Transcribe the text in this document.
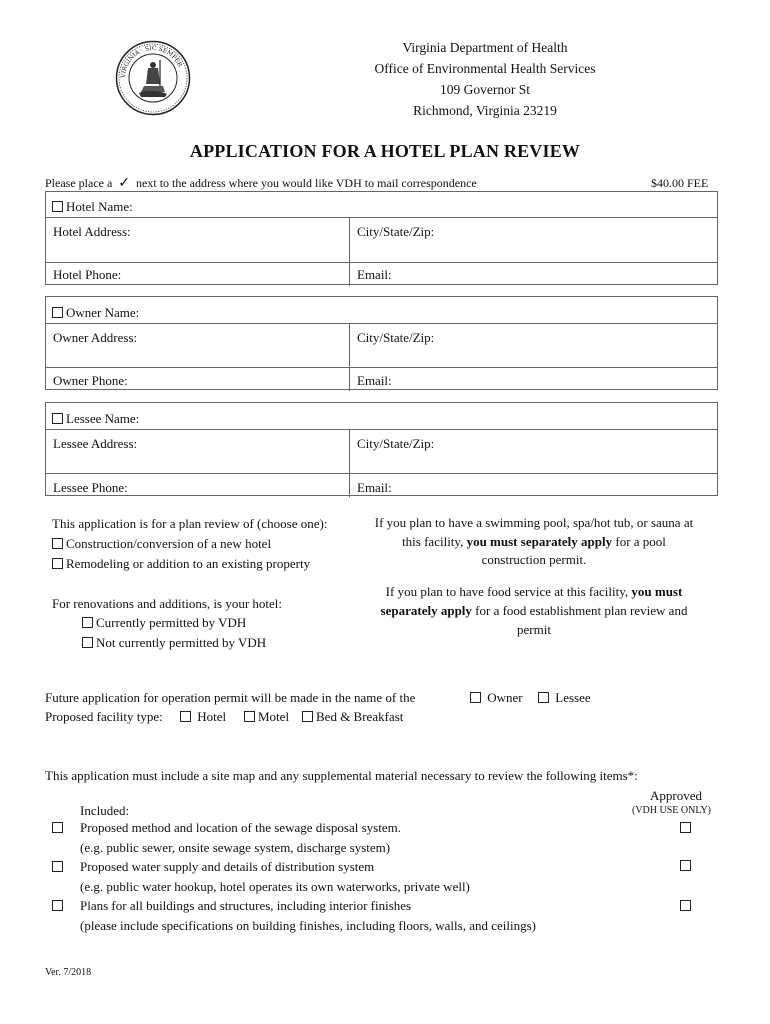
VIRGINIA · SIC SEMPER
Virginia Department of Health
Office of Environmental Health Services
109 Governor St
Richmond, Virginia 23219
APPLICATION FOR A HOTEL PLAN REVIEW
Please place a ✓ next to the address where you would like VDH to mail correspondence	$40.00 FEE
Hotel Name:
Hotel Address:	City/State/Zip:
Hotel Phone:	Email:
Owner Name:
Owner Address:	City/State/Zip:
Owner Phone:	Email:
Lessee Name:
Lessee Address:	City/State/Zip:
Lessee Phone:	Email:
This application is for a plan review of (choose one):
Construction/conversion of a new hotel
Remodeling or addition to an existing property
For renovations and additions, is your hotel:
Currently permitted by VDH
Not currently permitted by VDH
If you plan to have a swimming pool, spa/hot tub, or sauna at
this facility, you must separately apply for a pool
construction permit.
If you plan to have food service at this facility, you must
separately apply for a food establishment plan review and
permit
Future application for operation permit will be made in the name of the	Owner	Lessee
Proposed facility type:	Hotel	Motel	Bed & Breakfast
This application must include a site map and any supplemental material necessary to review the following items*:
Approved
(VDH USE ONLY)
Included:
Proposed method and location of the sewage disposal system.
(e.g. public sewer, onsite sewage system, discharge system)
Proposed water supply and details of distribution system
(e.g. public water hookup, hotel operates its own waterworks, private well)
Plans for all buildings and structures, including interior finishes
(please include specifications on building finishes, including floors, walls, and ceilings)
Ver. 7/2018
